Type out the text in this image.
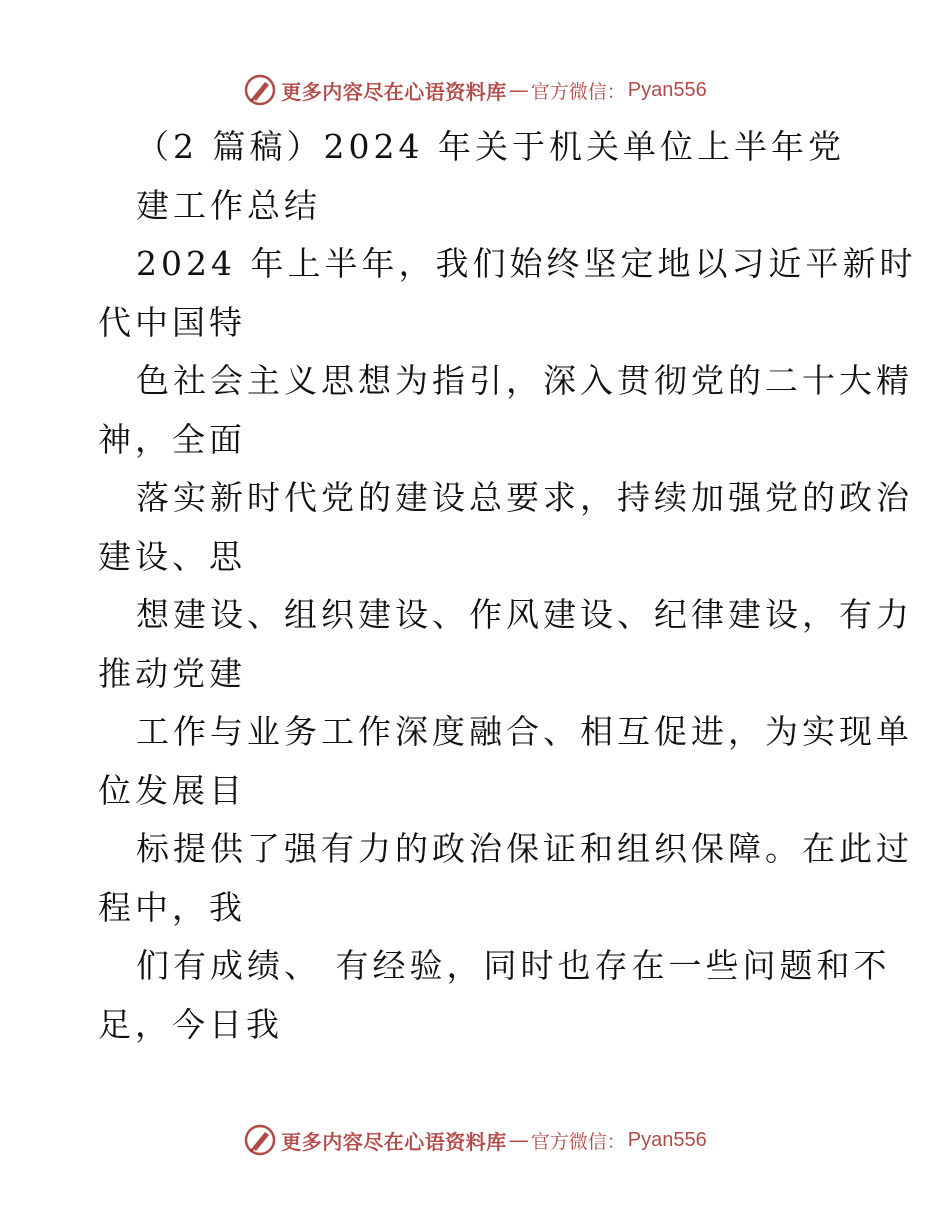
更多内容尽在心语资料库 — 官方微信： Pyan556
（2 篇稿）2024 年关于机关单位上半年党
建工作总结
2024 年上半年，我们始终坚定地以习近平新时
代中国特
色社会主义思想为指引，深入贯彻党的二十大精
神，全面
落实新时代党的建设总要求，持续加强党的政治
建设、思
想建设、组织建设、作风建设、纪律建设，有力
推动党建
工作与业务工作深度融合、相互促进，为实现单
位发展目
标提供了强有力的政治保证和组织保障。在此过
程中，我
们有成绩、 有经验，同时也存在一些问题和不
足，今日我
更多内容尽在心语资料库 — 官方微信： Pyan556
